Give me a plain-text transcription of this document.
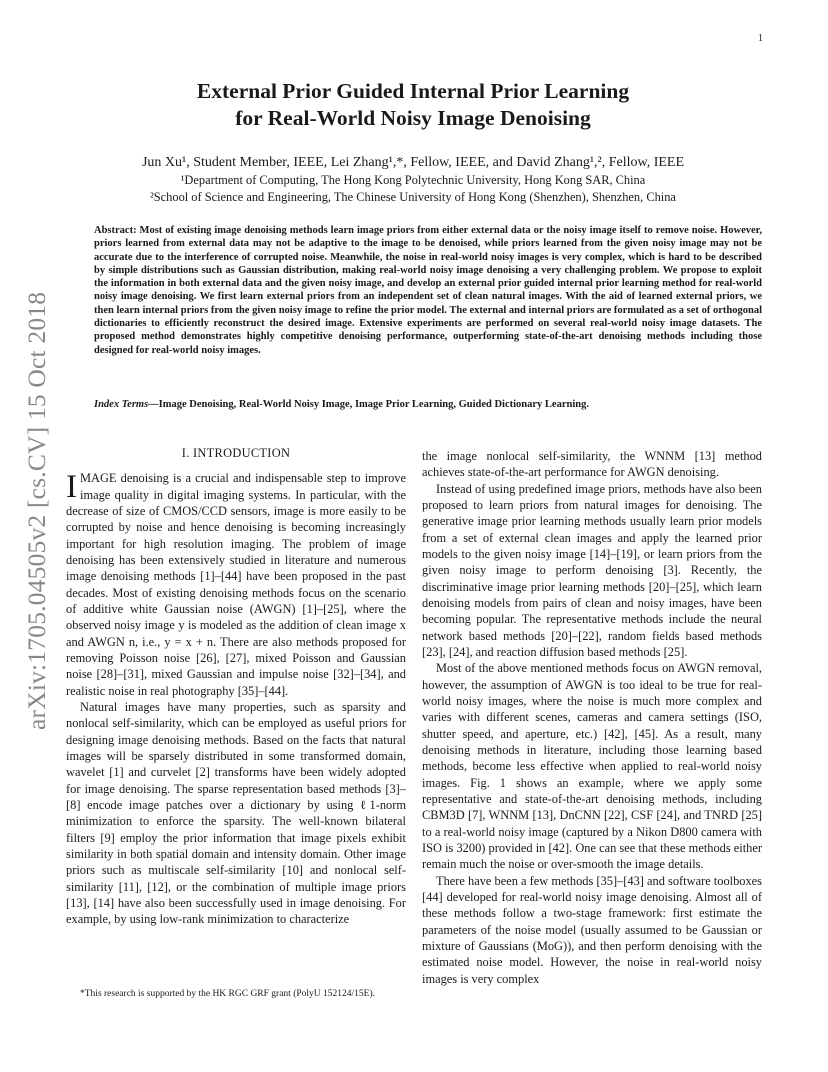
1
arXiv:1705.04505v2 [cs.CV] 15 Oct 2018
External Prior Guided Internal Prior Learning
for Real-World Noisy Image Denoising
Jun Xu¹, Student Member, IEEE, Lei Zhang¹,*, Fellow, IEEE, and David Zhang¹,², Fellow, IEEE
¹Department of Computing, The Hong Kong Polytechnic University, Hong Kong SAR, China
²School of Science and Engineering, The Chinese University of Hong Kong (Shenzhen), Shenzhen, China
Abstract: Most of existing image denoising methods learn image priors from either external data or the noisy image itself to remove noise. However, priors learned from external data may not be adaptive to the image to be denoised, while priors learned from the given noisy image may not be accurate due to the interference of corrupted noise. Meanwhile, the noise in real-world noisy images is very complex, which is hard to be described by simple distributions such as Gaussian distribution, making real-world noisy image denoising a very challenging problem. We propose to exploit the information in both external data and the given noisy image, and develop an external prior guided internal prior learning method for real-world noisy image denoising. We first learn external priors from an independent set of clean natural images. With the aid of learned external priors, we then learn internal priors from the given noisy image to refine the prior model. The external and internal priors are formulated as a set of orthogonal dictionaries to efficiently reconstruct the desired image. Extensive experiments are performed on several real-world noisy image datasets. The proposed method demonstrates highly competitive denoising performance, outperforming state-of-the-art denoising methods including those designed for real-world noisy images.
Index Terms—Image Denoising, Real-World Noisy Image, Image Prior Learning, Guided Dictionary Learning.
I. INTRODUCTION

IMAGE denoising is a crucial and indispensable step to improve image quality in digital imaging systems. In particular, with the decrease of size of CMOS/CCD sensors, image is more easily to be corrupted by noise and hence denoising is becoming increasingly important for high resolution imaging. The problem of image denoising has been extensively studied in literature and numerous image denoising methods [1]–[44] have been proposed in the past decades. Most of existing denoising methods focus on the scenario of additive white Gaussian noise (AWGN) [1]–[25], where the observed noisy image y is modeled as the addition of clean image x and AWGN n, i.e., y = x + n. There are also methods proposed for removing Poisson noise [26], [27], mixed Poisson and Gaussian noise [28]–[31], mixed Gaussian and impulse noise [32]–[34], and realistic noise in real photography [35]–[44].

Natural images have many properties, such as sparsity and nonlocal self-similarity, which can be employed as useful priors for designing image denoising methods. Based on the facts that natural images will be sparsely distributed in some transformed domain, wavelet [1] and curvelet [2] transforms have been widely adopted for image denoising. The sparse representation based methods [3]–[8] encode image patches over a dictionary by using ℓ1-norm minimization to enforce the sparsity. The well-known bilateral filters [9] employ the prior information that image pixels exhibit similarity in both spatial domain and intensity domain. Other image priors such as multiscale self-similarity [10] and nonlocal self-similarity [11], [12], or the combination of multiple image priors [13], [14] have also been successfully used in image denoising. For example, by using low-rank minimization to characterize

the image nonlocal self-similarity, the WNNM [13] method achieves state-of-the-art performance for AWGN denoising.

Instead of using predefined image priors, methods have also been proposed to learn priors from natural images for denoising. The generative image prior learning methods usually learn prior models from a set of external clean images and apply the learned prior models to the given noisy image [14]–[19], or learn priors from the given noisy image to perform denoising [3]. Recently, the discriminative image prior learning methods [20]–[25], which learn denoising models from pairs of clean and noisy images, have been becoming popular. The representative methods include the neural network based methods [20]–[22], random fields based methods [23], [24], and reaction diffusion based methods [25].

Most of the above mentioned methods focus on AWGN removal, however, the assumption of AWGN is too ideal to be true for real-world noisy images, where the noise is much more complex and varies with different scenes, cameras and camera settings (ISO, shutter speed, and aperture, etc.) [42], [45]. As a result, many denoising methods in literature, including those learning based methods, become less effective when applied to real-world noisy images. Fig. 1 shows an example, where we apply some representative and state-of-the-art denoising methods, including CBM3D [7], WNNM [13], DnCNN [22], CSF [24], and TNRD [25] to a real-world noisy image (captured by a Nikon D800 camera with ISO is 3200) provided in [42]. One can see that these methods either remain much the noise or over-smooth the image details.

There have been a few methods [35]–[43] and software toolboxes [44] developed for real-world noisy image denoising. Almost all of these methods follow a two-stage framework: first estimate the parameters of the noise model (usually assumed to be Gaussian or mixture of Gaussians (MoG)), and then perform denoising with the estimated noise model. However, the noise in real-world noisy images is very complex

*This research is supported by the HK RGC GRF grant (PolyU 152124/15E).
